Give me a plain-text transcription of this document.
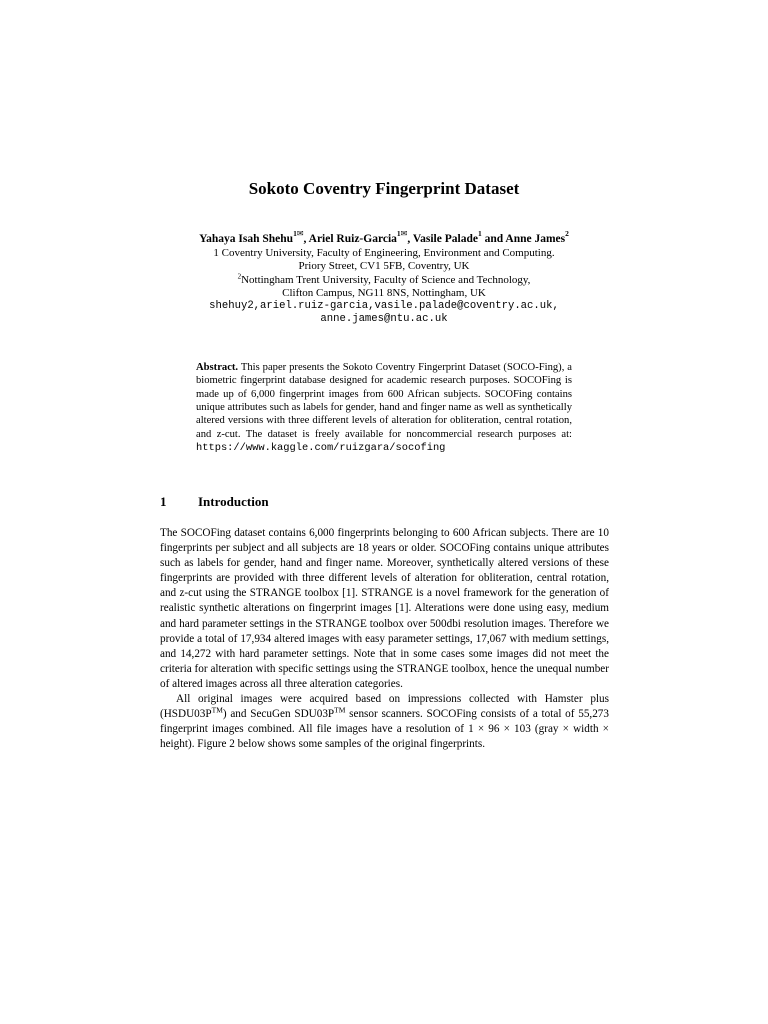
Sokoto Coventry Fingerprint Dataset
Yahaya Isah Shehu$^{1✉}$, Ariel Ruiz-Garcia$^{1✉}$, Vasile Palade$^1$ and Anne James$^2$
1 Coventry University, Faculty of Engineering, Environment and Computing.
Priory Street, CV1 5FB, Coventry, UK
$^2$Nottingham Trent University, Faculty of Science and Technology,
Clifton Campus, NG11 8NS, Nottingham, UK
shehuy2,ariel.ruiz-garcia,vasile.palade@coventry.ac.uk,
anne.james@ntu.ac.uk
Abstract. This paper presents the Sokoto Coventry Fingerprint Dataset (SOCO-Fing), a biometric fingerprint database designed for academic research purposes. SOCOFing is made up of 6,000 fingerprint images from 600 African subjects. SOCOFing contains unique attributes such as labels for gender, hand and finger name as well as synthetically altered versions with three different levels of alteration for obliteration, central rotation, and z-cut. The dataset is freely available for noncommercial research purposes at: https://www.kaggle.com/ruizgara/socofing
1 Introduction

The SOCOFing dataset contains 6,000 fingerprints belonging to 600 African subjects. There are 10 fingerprints per subject and all subjects are 18 years or older. SOCOFing contains unique attributes such as labels for gender, hand and finger name. Moreover, synthetically altered versions of these fingerprints are provided with three different levels of alteration for obliteration, central rotation, and z-cut using the STRANGE toolbox [1]. STRANGE is a novel framework for the generation of realistic synthetic alterations on fingerprint images [1]. Alterations were done using easy, medium and hard parameter settings in the STRANGE toolbox over 500dbi resolution images. Therefore we provide a total of 17,934 altered images with easy parameter settings, 17,067 with medium settings, and 14,272 with hard parameter settings. Note that in some cases some images did not meet the criteria for alteration with specific settings using the STRANGE toolbox, hence the unequal number of altered images across all three alteration categories.

All original images were acquired based on impressions collected with Hamster plus (HSDU03P™) and SecuGen SDU03P™ sensor scanners. SOCOFing consists of a total of 55,273 fingerprint images combined. All file images have a resolution of 1 × 96 × 103 (gray × width × height). Figure 2 below shows some samples of the original fingerprints.
